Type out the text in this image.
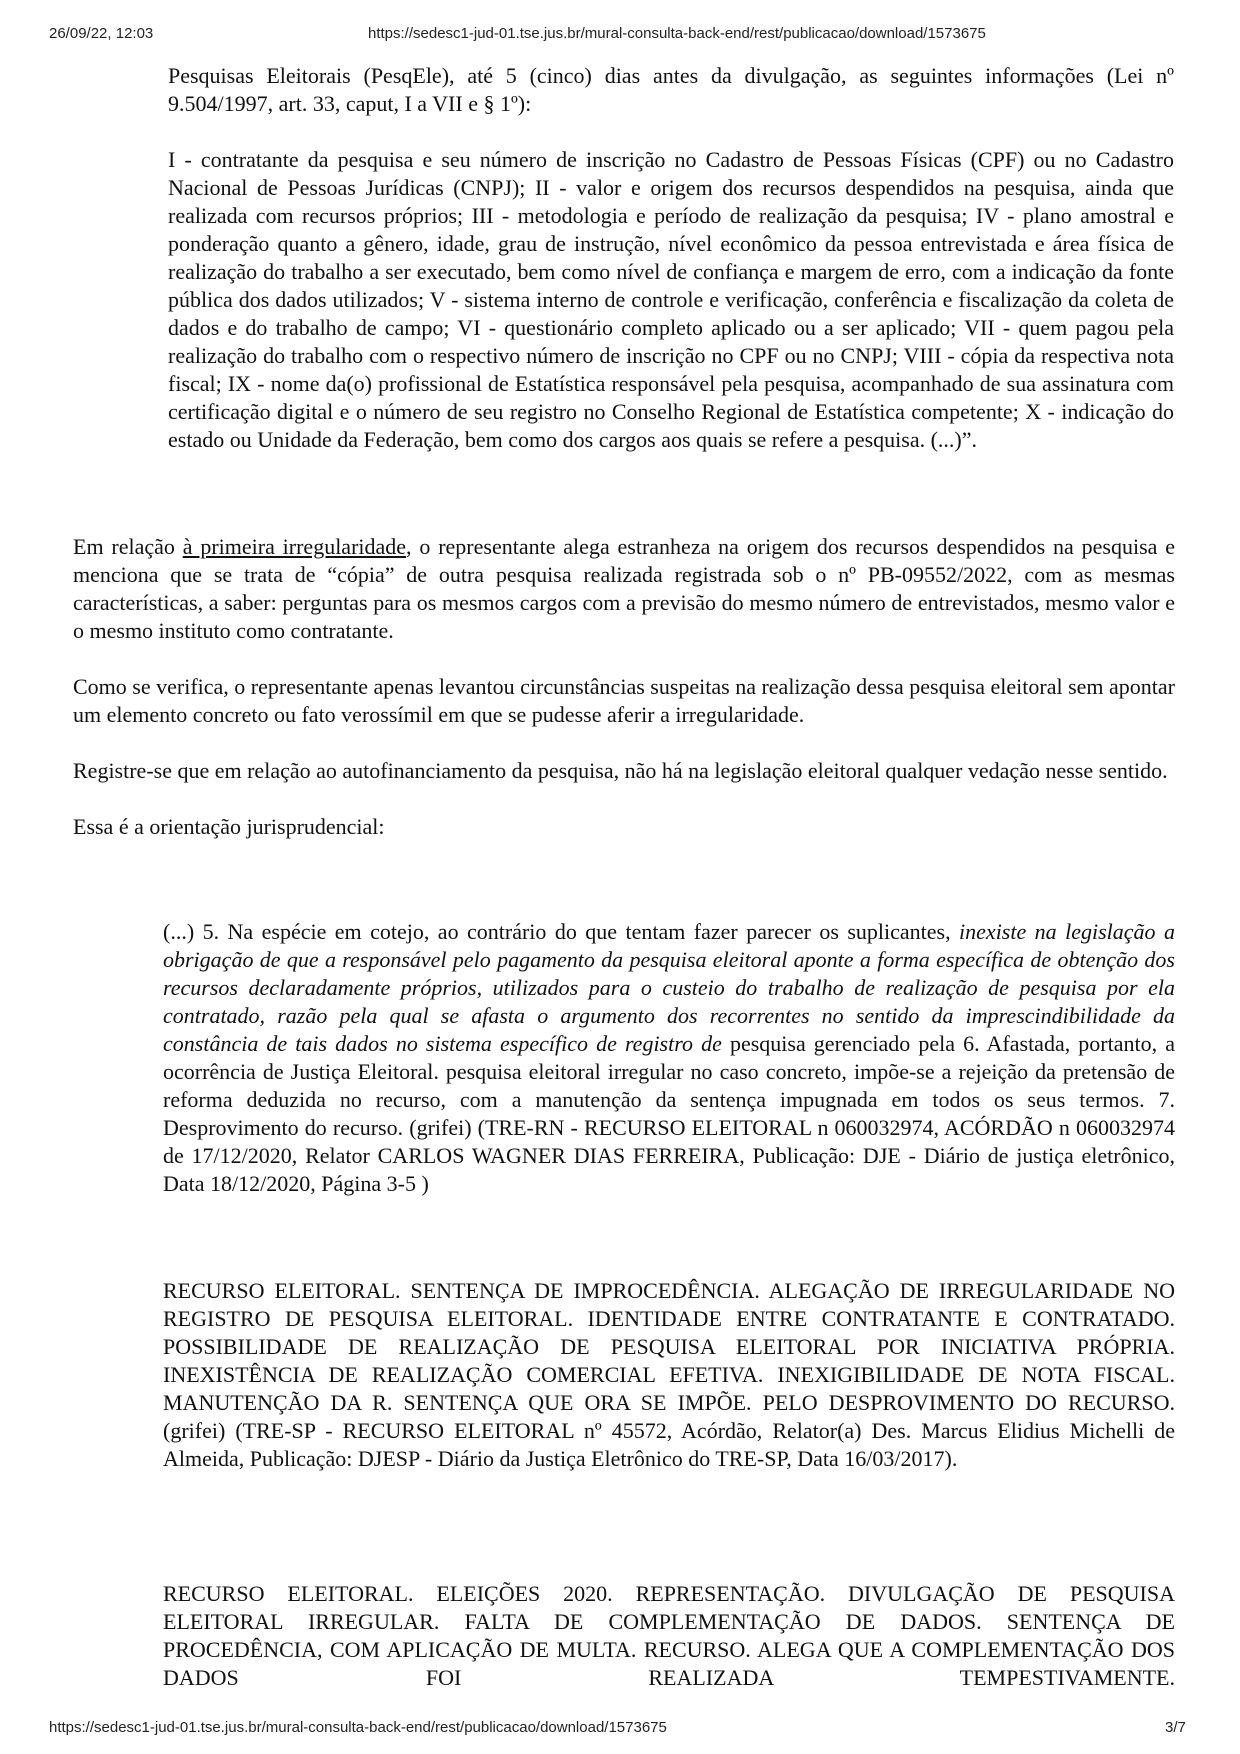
26/09/22, 12:03	https://sedesc1-jud-01.tse.jus.br/mural-consulta-back-end/rest/publicacao/download/1573675

Pesquisas Eleitorais (PesqEle), até 5 (cinco) dias antes da divulgação, as seguintes informações (Lei nº 9.504/1997, art. 33, caput, I a VII e § 1º):

I - contratante da pesquisa e seu número de inscrição no Cadastro de Pessoas Físicas (CPF) ou no Cadastro Nacional de Pessoas Jurídicas (CNPJ); II - valor e origem dos recursos despendidos na pesquisa, ainda que realizada com recursos próprios; III - metodologia e período de realização da pesquisa; IV - plano amostral e ponderação quanto a gênero, idade, grau de instrução, nível econômico da pessoa entrevistada e área física de realização do trabalho a ser executado, bem como nível de confiança e margem de erro, com a indicação da fonte pública dos dados utilizados; V - sistema interno de controle e verificação, conferência e fiscalização da coleta de dados e do trabalho de campo; VI - questionário completo aplicado ou a ser aplicado; VII - quem pagou pela realização do trabalho com o respectivo número de inscrição no CPF ou no CNPJ; VIII - cópia da respectiva nota fiscal; IX - nome da(o) profissional de Estatística responsável pela pesquisa, acompanhado de sua assinatura com certificação digital e o número de seu registro no Conselho Regional de Estatística competente; X - indicação do estado ou Unidade da Federação, bem como dos cargos aos quais se refere a pesquisa. (...)”.

Em relação à primeira irregularidade, o representante alega estranheza na origem dos recursos despendidos na pesquisa e menciona que se trata de “cópia” de outra pesquisa realizada registrada sob o nº PB-09552/2022, com as mesmas características, a saber: perguntas para os mesmos cargos com a previsão do mesmo número de entrevistados, mesmo valor e o mesmo instituto como contratante.

Como se verifica, o representante apenas levantou circunstâncias suspeitas na realização dessa pesquisa eleitoral sem apontar um elemento concreto ou fato verossímil em que se pudesse aferir a irregularidade.

Registre-se que em relação ao autofinanciamento da pesquisa, não há na legislação eleitoral qualquer vedação nesse sentido.

Essa é a orientação jurisprudencial:

(...) 5. Na espécie em cotejo, ao contrário do que tentam fazer parecer os suplicantes, inexiste na legislação a obrigação de que a responsável pelo pagamento da pesquisa eleitoral aponte a forma específica de obtenção dos recursos declaradamente próprios, utilizados para o custeio do trabalho de realização de pesquisa por ela contratado, razão pela qual se afasta o argumento dos recorrentes no sentido da imprescindibilidade da constância de tais dados no sistema específico de registro de pesquisa gerenciado pela 6. Afastada, portanto, a ocorrência de Justiça Eleitoral. pesquisa eleitoral irregular no caso concreto, impõe-se a rejeição da pretensão de reforma deduzida no recurso, com a manutenção da sentença impugnada em todos os seus termos. 7. Desprovimento do recurso. (grifei) (TRE-RN - RECURSO ELEITORAL n 060032974, ACÓRDÃO n 060032974 de 17/12/2020, Relator CARLOS WAGNER DIAS FERREIRA, Publicação: DJE - Diário de justiça eletrônico, Data 18/12/2020, Página 3-5 )

RECURSO ELEITORAL. SENTENÇA DE IMPROCEDÊNCIA. ALEGAÇÃO DE IRREGULARIDADE NO REGISTRO DE PESQUISA ELEITORAL. IDENTIDADE ENTRE CONTRATANTE E CONTRATADO. POSSIBILIDADE DE REALIZAÇÃO DE PESQUISA ELEITORAL POR INICIATIVA PRÓPRIA. INEXISTÊNCIA DE REALIZAÇÃO COMERCIAL EFETIVA. INEXIGIBILIDADE DE NOTA FISCAL. MANUTENÇÃO DA R. SENTENÇA QUE ORA SE IMPÕE. PELO DESPROVIMENTO DO RECURSO. (grifei) (TRE-SP - RECURSO ELEITORAL nº 45572, Acórdão, Relator(a) Des. Marcus Elidius Michelli de Almeida, Publicação: DJESP - Diário da Justiça Eletrônico do TRE-SP, Data 16/03/2017).

RECURSO ELEITORAL. ELEIÇÕES 2020. REPRESENTAÇÃO. DIVULGAÇÃO DE PESQUISA ELEITORAL IRREGULAR. FALTA DE COMPLEMENTAÇÃO DE DADOS. SENTENÇA DE PROCEDÊNCIA, COM APLICAÇÃO DE MULTA. RECURSO. ALEGA QUE A COMPLEMENTAÇÃO DOS DADOS FOI REALIZADA TEMPESTIVAMENTE.

https://sedesc1-jud-01.tse.jus.br/mural-consulta-back-end/rest/publicacao/download/1573675	3/7
